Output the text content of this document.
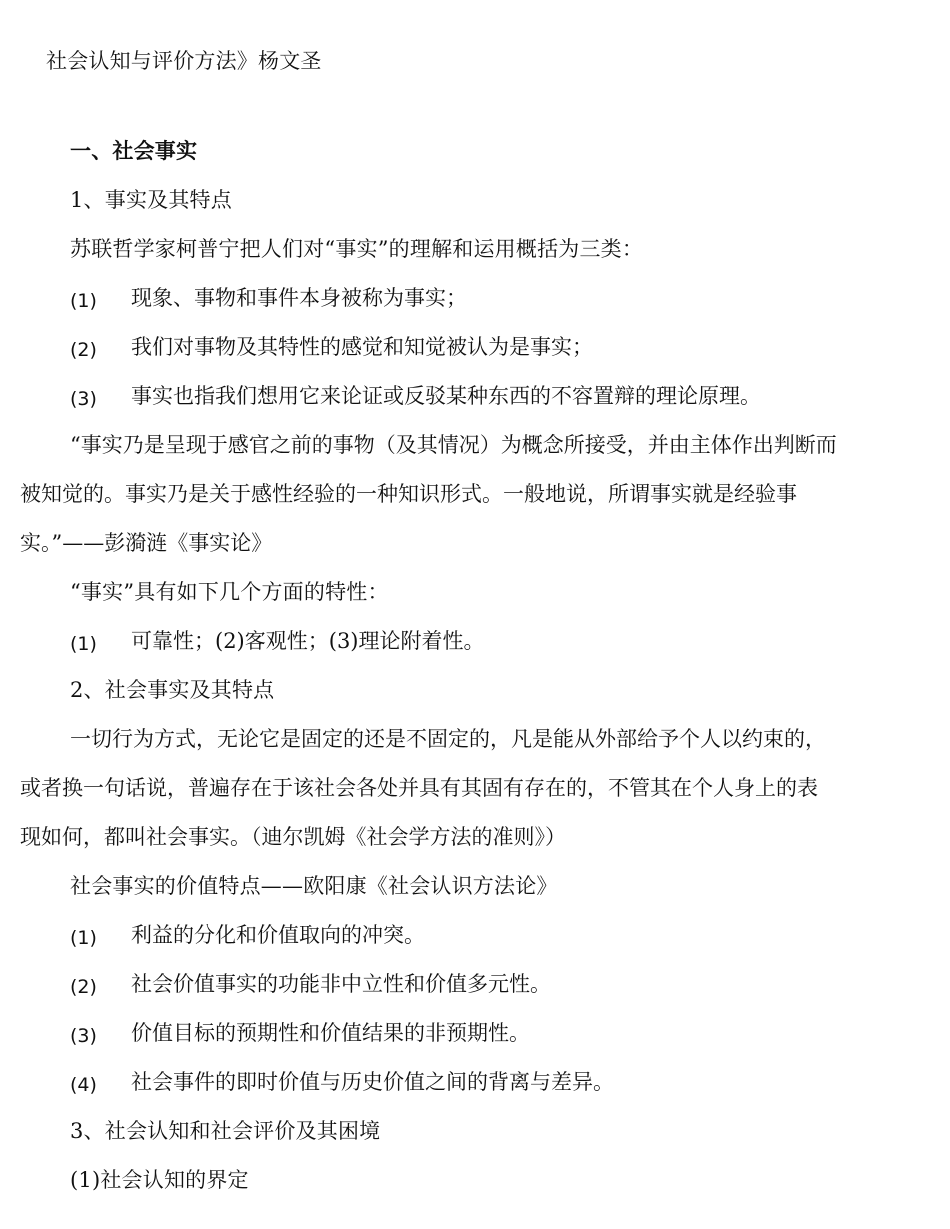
社会认知与评价方法》杨文圣
一、社会事实
1、事实及其特点
苏联哲学家柯普宁把人们对“事实”的理解和运用概括为三类：
(1) 现象、事物和事件本身被称为事实；
(2) 我们对事物及其特性的感觉和知觉被认为是事实；
(3) 事实也指我们想用它来论证或反驳某种东西的不容置辩的理论原理。
“事实乃是呈现于感官之前的事物（及其情况）为概念所接受，并由主体作出判断而
被知觉的。事实乃是关于感性经验的一种知识形式。一般地说，所谓事实就是经验事
实。”——彭漪涟《事实论》
“事实”具有如下几个方面的特性：
(1) 可靠性；(2)客观性；(3)理论附着性。
2、社会事实及其特点
一切行为方式，无论它是固定的还是不固定的，凡是能从外部给予个人以约束的，
或者换一句话说，普遍存在于该社会各处并具有其固有存在的，不管其在个人身上的表
现如何，都叫社会事实。（迪尔凯姆《社会学方法的准则》）
社会事实的价值特点——欧阳康《社会认识方法论》
(1) 利益的分化和价值取向的冲突。
(2) 社会价值事实的功能非中立性和价值多元性。
(3) 价值目标的预期性和价值结果的非预期性。
(4) 社会事件的即时价值与历史价值之间的背离与差异。
3、社会认知和社会评价及其困境
(1)社会认知的界定
